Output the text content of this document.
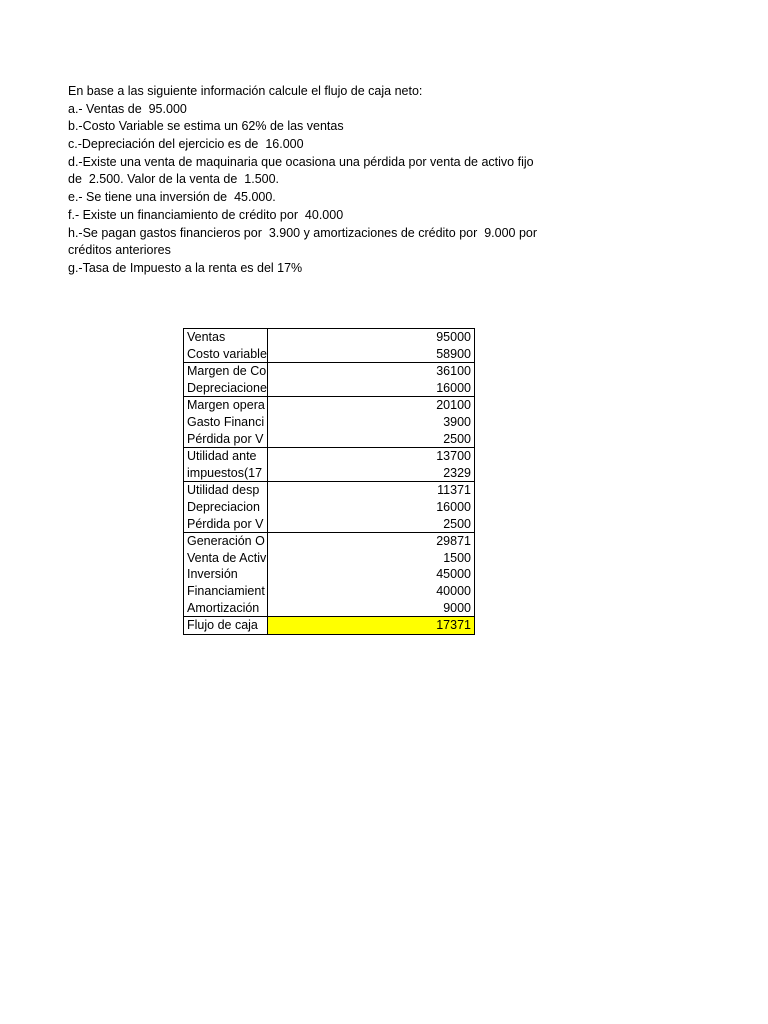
En base a las siguiente información calcule el flujo de caja neto:
a.- Ventas de  95.000
b.-Costo Variable se estima un 62% de las ventas
c.-Depreciación del ejercicio es de  16.000
d.-Existe una venta de maquinaria que ocasiona una pérdida por venta de activo fijo
de  2.500. Valor de la venta de  1.500.
e.- Se tiene una inversión de  45.000.
f.- Existe un financiamiento de crédito por  40.000
h.-Se pagan gastos financieros por  3.900 y amortizaciones de crédito por  9.000 por
créditos anteriores
g.-Tasa de Impuesto a la renta es del 17%
Ventas	95000
Costo variable	58900
Margen de Co	36100
Depreciacione	16000
Margen opera	20100
Gasto Financi	3900
Pérdida por V	2500
Utilidad ante	13700
impuestos(17	2329
Utilidad desp	11371
Depreciacion	16000
Pérdida por V	2500
Generación O	29871
Venta de Activ	1500
Inversión	45000
Financiamient	40000
Amortización	9000
Flujo de caja	17371
